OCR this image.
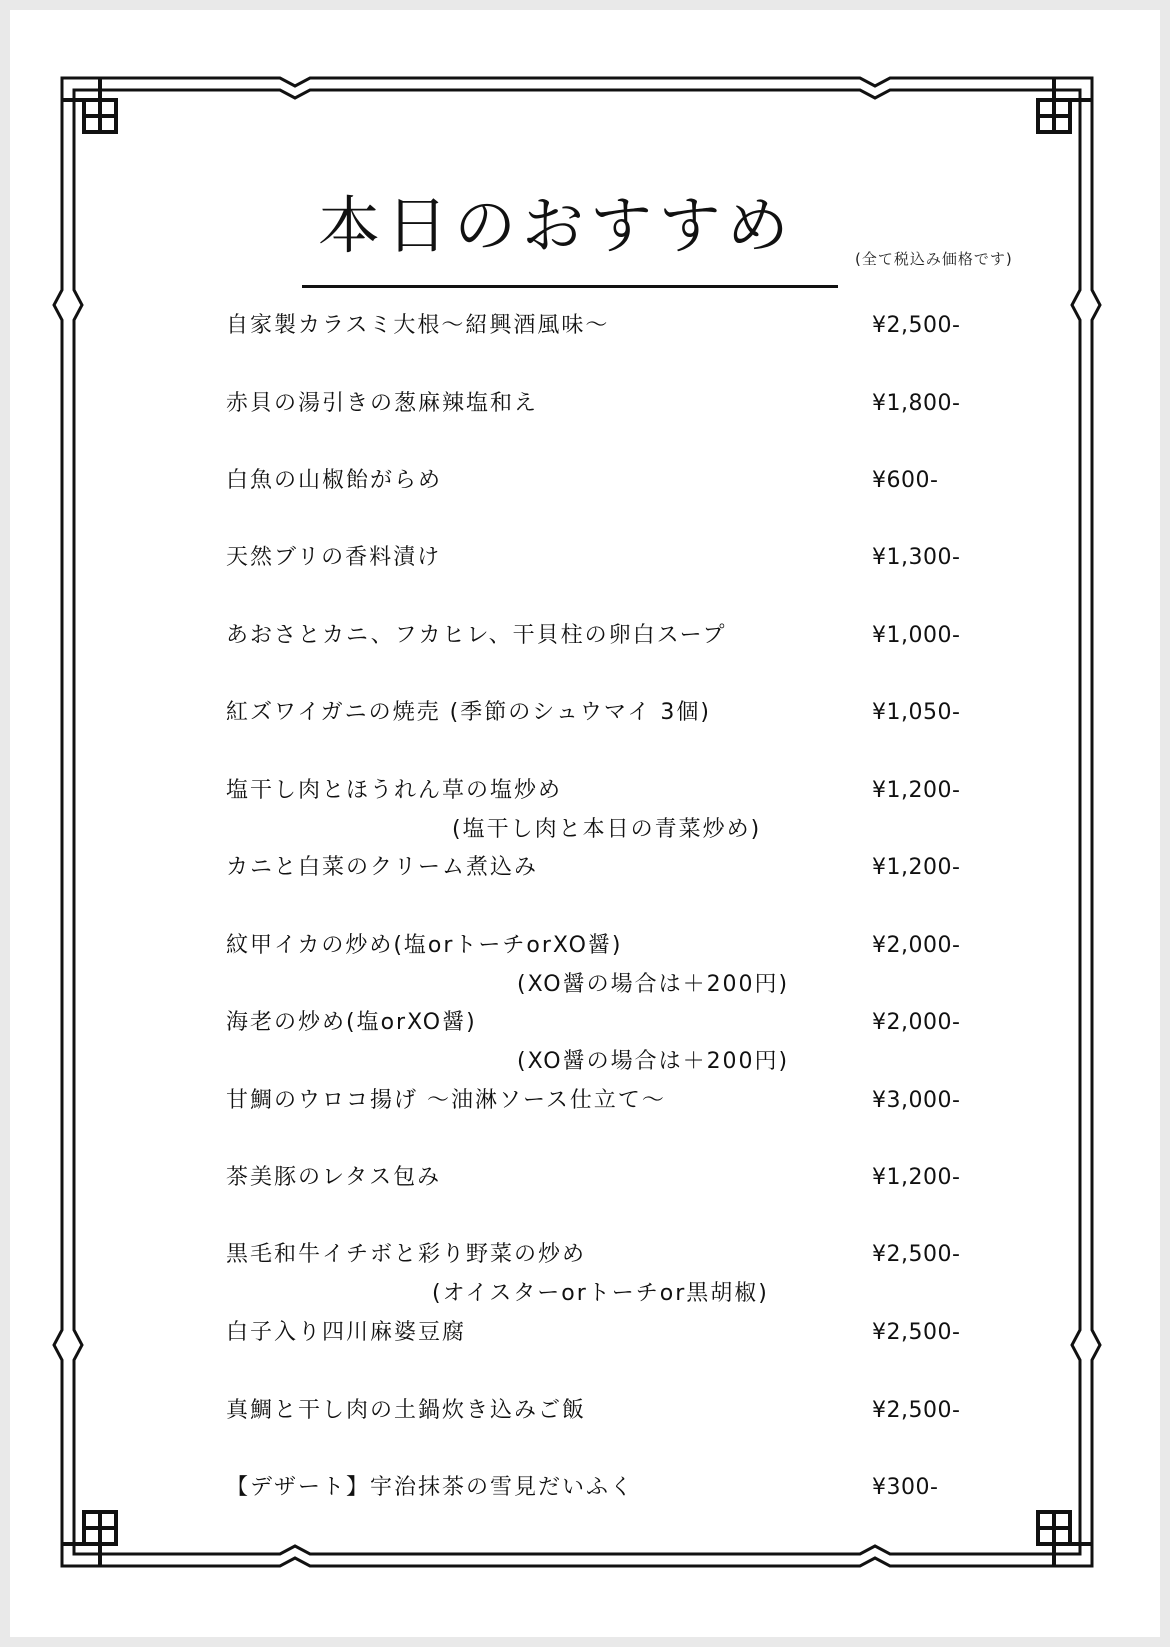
本日のおすすめ	(全て税込み価格です)
自家製カラスミ大根〜紹興酒風味〜	¥2,500-
赤貝の湯引きの葱麻辣塩和え	¥1,800-
白魚の山椒飴がらめ	¥600-
天然ブリの香料漬け	¥1,300-
あおさとカニ、フカヒレ、干貝柱の卵白スープ	¥1,000-
紅ズワイガニの焼売 (季節のシュウマイ 3個)	¥1,050-
塩干し肉とほうれん草の塩炒め	¥1,200-
(塩干し肉と本日の青菜炒め)
カニと白菜のクリーム煮込み	¥1,200-
紋甲イカの炒め(塩orトーチorXO醤)	¥2,000-
(XO醤の場合は＋200円)
海老の炒め(塩orXO醤)	¥2,000-
(XO醤の場合は＋200円)
甘鯛のウロコ揚げ 〜油淋ソース仕立て〜	¥3,000-
茶美豚のレタス包み	¥1,200-
黒毛和牛イチボと彩り野菜の炒め	¥2,500-
(オイスターorトーチor黒胡椒)
白子入り四川麻婆豆腐	¥2,500-
真鯛と干し肉の土鍋炊き込みご飯	¥2,500-
【デザート】宇治抹茶の雪見だいふく	¥300-
